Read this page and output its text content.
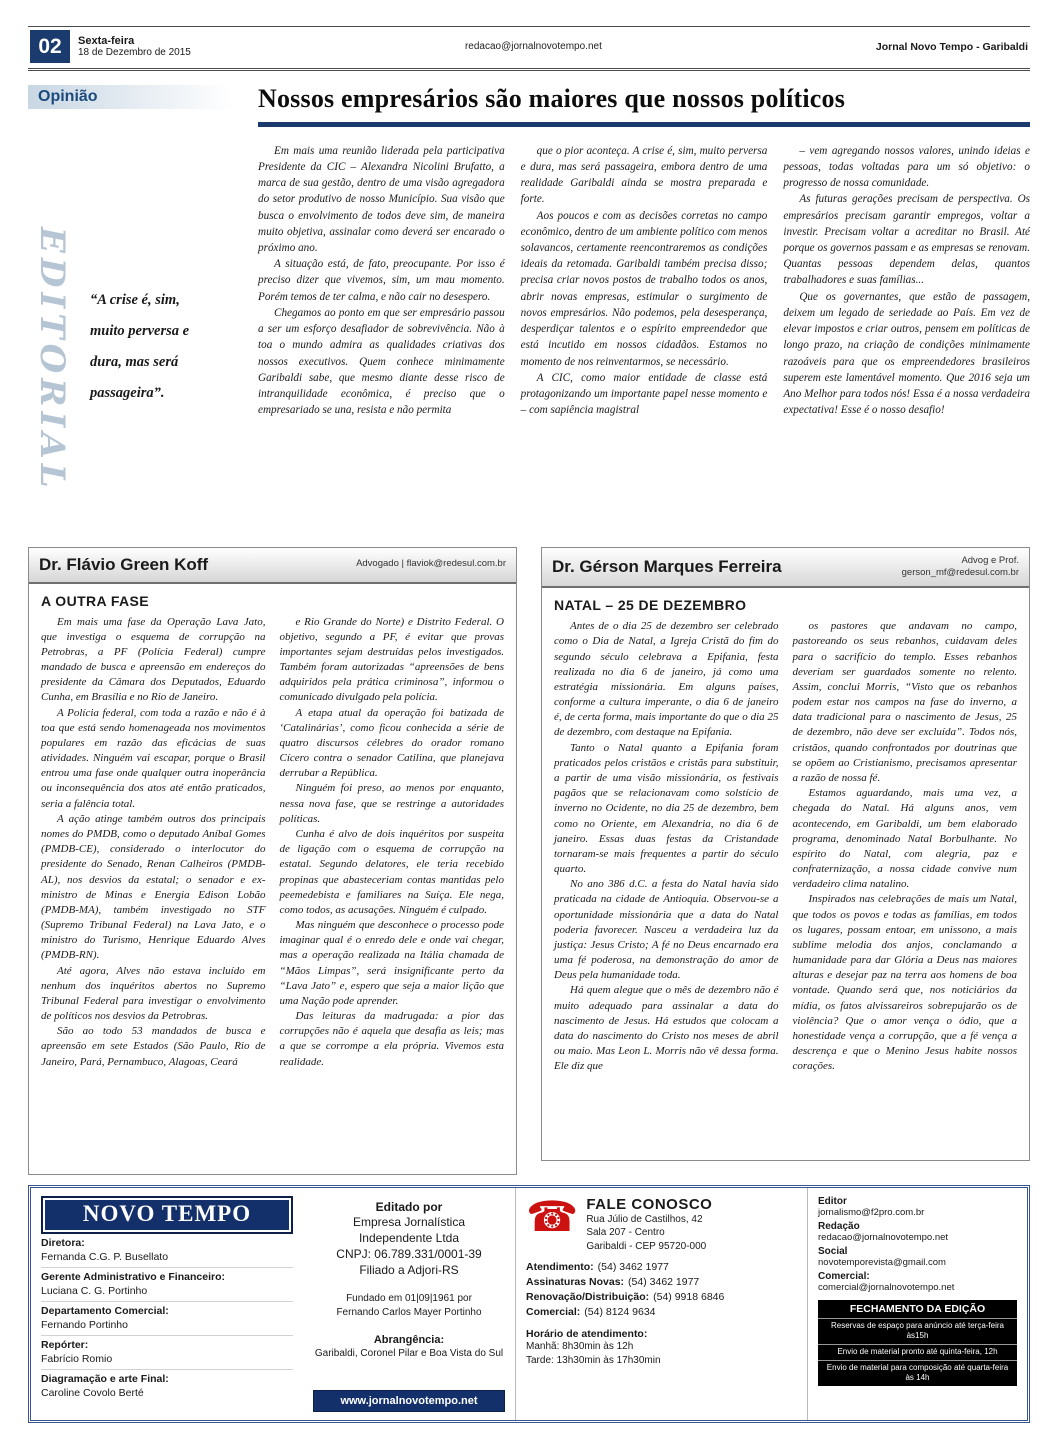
02	Sexta-feira
18 de Dezembro de 2015
redacao@jornalnovotempo.net	Jornal Novo Tempo - Garibaldi
Opinião	Nossos empresários são maiores que nossos políticos
EDITORIAL “A crise é, sim, muito perversa e dura, mas será passageira”.

Em mais uma reunião liderada pela participativa Presidente da CIC – Alexandra Nicolini Brufatto, a marca de sua gestão, dentro de uma visão agregadora do setor produtivo de nosso Município. Sua visão que busca o envolvimento de todos deve sim, de maneira muito objetiva, assinalar como deverá ser encarado o próximo ano.

A situação está, de fato, preocupante. Por isso é preciso dizer que vivemos, sim, um mau momento. Porém temos de ter calma, e não cair no desespero.

Chegamos ao ponto em que ser empresário passou a ser um esforço desafiador de sobrevivência. Não à toa o mundo admira as qualidades criativas dos nossos executivos. Quem conhece minimamente Garibaldi sabe, que mesmo diante desse risco de intranquilidade econômica, é preciso que o empresariado se una, resista e não permita

que o pior aconteça. A crise é, sim, muito perversa e dura, mas será passageira, embora dentro de uma realidade Garibaldi ainda se mostra preparada e forte.

Aos poucos e com as decisões corretas no campo econômico, dentro de um ambiente político com menos solavancos, certamente reencontraremos as condições ideais da retomada. Garibaldi também precisa disso; precisa criar novos postos de trabalho todos os anos, abrir novas empresas, estimular o surgimento de novos empresários. Não podemos, pela desesperança, desperdiçar talentos e o espírito empreendedor que está incutido em nossos cidadãos. Estamos no momento de nos reinventarmos, se necessário.

A CIC, como maior entidade de classe está protagonizando um importante papel nesse momento e – com sapiência magistral

– vem agregando nossos valores, unindo ideias e pessoas, todas voltadas para um só objetivo: o progresso de nossa comunidade.

As futuras gerações precisam de perspectiva. Os empresários precisam garantir empregos, voltar a investir. Precisam voltar a acreditar no Brasil. Até porque os governos passam e as empresas se renovam. Quantas pessoas dependem delas, quantos trabalhadores e suas famílias...

Que os governantes, que estão de passagem, deixem um legado de seriedade ao País. Em vez de elevar impostos e criar outros, pensem em políticas de longo prazo, na criação de condições minimamente razoáveis para que os empreendedores brasileiros superem este lamentável momento. Que 2016 seja um Ano Melhor para todos nós! Essa é a nossa verdadeira expectativa! Esse é o nosso desafio!

Dr. Flávio Green Koff	Advogado | flaviok@redesul.com.br
A OUTRA FASE

Em mais uma fase da Operação Lava Jato, que investiga o esquema de corrupção na Petrobras, a PF (Polícia Federal) cumpre mandado de busca e apreensão em endereços do presidente da Câmara dos Deputados, Eduardo Cunha, em Brasília e no Rio de Janeiro.

A Polícia federal, com toda a razão e não é à toa que está sendo homenageada nos movimentos populares em razão das eficácias de suas atividades. Ninguém vai escapar, porque o Brasil entrou uma fase onde qualquer outra inoperância ou inconsequência dos atos até então praticados, seria a falência total.

A ação atinge também outros dos principais nomes do PMDB, como o deputado Aníbal Gomes (PMDB-CE), considerado o interlocutor do presidente do Senado, Renan Calheiros (PMDB-AL), nos desvios da estatal; o senador e ex-ministro de Minas e Energia Edison Lobão (PMDB-MA), também investigado no STF (Supremo Tribunal Federal) na Lava Jato, e o ministro do Turismo, Henrique Eduardo Alves (PMDB-RN).

Até agora, Alves não estava incluído em nenhum dos inquéritos abertos no Supremo Tribunal Federal para investigar o envolvimento de políticos nos desvios da Petrobras.

São ao todo 53 mandados de busca e apreensão em sete Estados (São Paulo, Rio de Janeiro, Pará, Pernambuco, Alagoas, Ceará

e Rio Grande do Norte) e Distrito Federal. O objetivo, segundo a PF, é evitar que provas importantes sejam destruídas pelos investigados. Também foram autorizadas “apreensões de bens adquiridos pela prática criminosa”, informou o comunicado divulgado pela polícia.

A etapa atual da operação foi batizada de ‘Catalinárias’, como ficou conhecida a série de quatro discursos célebres do orador romano Cícero contra o senador Catilina, que planejava derrubar a República.

Ninguém foi preso, ao menos por enquanto, nessa nova fase, que se restringe a autoridades políticas.

Cunha é alvo de dois inquéritos por suspeita de ligação com o esquema de corrupção na estatal. Segundo delatores, ele teria recebido propinas que abasteceriam contas mantidas pelo peemedebista e familiares na Suíça. Ele nega, como todos, as acusações. Ninguém é culpado.

Mas ninguém que desconhece o processo pode imaginar qual é o enredo dele e onde vai chegar, mas a operação realizada na Itália chamada de “Mãos Limpas”, será insignificante perto da “Lava Jato” e, espero que seja a maior lição que uma Nação pode aprender.

Das leituras da madrugada: a pior das corrupções não é aquela que desafia as leis; mas a que se corrompe a ela própria. Vivemos esta realidade.

Dr. Gérson Marques Ferreira	Advog e Prof.
gerson_mf@redesul.com.br
NATAL – 25 DE DEZEMBRO

Antes de o dia 25 de dezembro ser celebrado como o Dia de Natal, a Igreja Cristã do fim do segundo século celebrava a Epifania, festa realizada no dia 6 de janeiro, já como uma estratégia missionária. Em alguns países, conforme a cultura imperante, o dia 6 de janeiro é, de certa forma, mais importante do que o dia 25 de dezembro, com destaque na Epifania.

Tanto o Natal quanto a Epifania foram praticados pelos cristãos e cristãs para substituir, a partir de uma visão missionária, os festivais pagãos que se relacionavam como solstício de inverno no Ocidente, no dia 25 de dezembro, bem como no Oriente, em Alexandria, no dia 6 de janeiro. Essas duas festas da Cristandade tornaram-se mais frequentes a partir do século quarto.

No ano 386 d.C. a festa do Natal havia sido praticada na cidade de Antioquia. Observou-se a oportunidade missionária que a data do Natal poderia favorecer. Nasceu a verdadeira luz da justiça: Jesus Cristo; A fé no Deus encarnado era uma fé poderosa, na demonstração do amor de Deus pela humanidade toda.

Há quem alegue que o mês de dezembro não é muito adequado para assinalar a data do nascimento de Jesus. Há estudos que colocam a data do nascimento do Cristo nos meses de abril ou maio. Mas Leon L. Morris não vê dessa forma. Ele diz que

os pastores que andavam no campo, pastoreando os seus rebanhos, cuidavam deles para o sacrifício do templo. Esses rebanhos deveriam ser guardados somente no relento. Assim, conclui Morris, “Visto que os rebanhos podem estar nos campos na fase do inverno, a data tradicional para o nascimento de Jesus, 25 de dezembro, não deve ser excluída”. Todos nós, cristãos, quando confrontados por doutrinas que se opõem ao Cristianismo, precisamos apresentar a razão de nossa fé.

Estamos aguardando, mais uma vez, a chegada do Natal. Há alguns anos, vem acontecendo, em Garibaldi, um bem elaborado programa, denominado Natal Borbulhante. No espírito do Natal, com alegria, paz e confraternização, a nossa cidade convive num verdadeiro clima natalino.

Inspirados nas celebrações de mais um Natal, que todos os povos e todas as famílias, em todos os lugares, possam entoar, em unissono, a mais sublime melodia dos anjos, conclamando a humanidade para dar Glória a Deus nas maiores alturas e desejar paz na terra aos homens de boa vontade. Quando será que, nos noticiários da mídia, os fatos alvissareiros sobrepujarão os de violência? Que o amor vença o ódio, que a honestidade vença a corrupção, que a fé vença a descrença e que o Menino Jesus habite nossos corações.

NOVO TEMPO
Diretora:
Fernanda C.G. P. Busellato
Gerente Administrativo e Financeiro:
Luciana C. G. Portinho
Departamento Comercial:
Fernando Portinho
Repórter:
Fabrício Romio
Diagramação e arte Final:
Caroline Covolo Berté
Editado por
Empresa Jornalística
Independente Ltda
CNPJ: 06.789.331/0001-39
Filiado a Adjori-RS
Fundado em 01|09|1961 por
Fernando Carlos Mayer Portinho
Abrangência:
Garibaldi, Coronel Pilar e Boa Vista do Sul
www.jornalnovotempo.net
☎ FALE CONOSCO
Rua Júlio de Castilhos, 42
Sala 207 - Centro
Garibaldi - CEP 95720-000
Atendimento: (54) 3462 1977
Assinaturas Novas: (54) 3462 1977
Renovação/Distribuição: (54) 9918 6846
Comercial: (54) 8124 9634
Horário de atendimento:
Manhã: 8h30min às 12h
Tarde: 13h30min às 17h30min
Editor
jornalismo@f2pro.com.br
Redação
redacao@jornalnovotempo.net
Social
novotemporevista@gmail.com
Comercial:
comercial@jornalnovotempo.net
FECHAMENTO DA EDIÇÃO
Reservas de espaço para anúncio até terça-feira às15h
Envio de material pronto até quinta-feira, 12h
Envio de material para composição até quarta-feira às 14h
